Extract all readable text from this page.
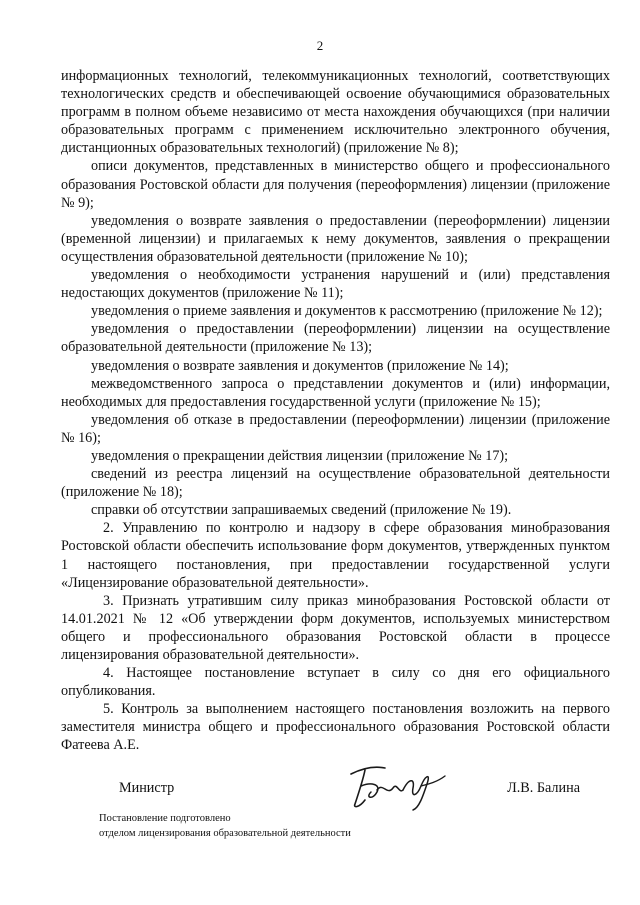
2

информационных технологий, телекоммуникационных технологий, соответствующих технологических средств и обеспечивающей освоение обучающимися образовательных программ в полном объеме независимо от места нахождения обучающихся (при наличии образовательных программ с применением исключительно электронного обучения, дистанционных образовательных технологий) (приложение № 8);

описи документов, представленных в министерство общего и профессионального образования Ростовской области для получения (переоформления) лицензии (приложение № 9);

уведомления о возврате заявления о предоставлении (переоформлении) лицензии (временной лицензии) и прилагаемых к нему документов, заявления о прекращении осуществления образовательной деятельности (приложение № 10);

уведомления о необходимости устранения нарушений и (или) представления недостающих документов (приложение № 11);

уведомления о приеме заявления и документов к рассмотрению (приложение № 12);

уведомления о предоставлении (переоформлении) лицензии на осуществление образовательной деятельности (приложение № 13);

уведомления о возврате заявления и документов (приложение № 14);

межведомственного запроса о представлении документов и (или) информации, необходимых для предоставления государственной услуги (приложение № 15);

уведомления об отказе в предоставлении (переоформлении) лицензии (приложение № 16);

уведомления о прекращении действия лицензии (приложение № 17);

сведений из реестра лицензий на осуществление образовательной деятельности (приложение № 18);

справки об отсутствии запрашиваемых сведений (приложение № 19).

2. Управлению по контролю и надзору в сфере образования минобразования Ростовской области обеспечить использование форм документов, утвержденных пунктом 1 настоящего постановления, при предоставлении государственной услуги «Лицензирование образовательной деятельности».

3. Признать утратившим силу приказ минобразования Ростовской области от 14.01.2021 № 12 «Об утверждении форм документов, используемых министерством общего и профессионального образования Ростовской области в процессе лицензирования образовательной деятельности».

4. Настоящее постановление вступает в силу со дня его официального опубликования.

5. Контроль за выполнением настоящего постановления возложить на первого заместителя министра общего и профессионального образования Ростовской области Фатеева А.Е.

Министр	Л.В. Балина
Постановление подготовлено
отделом лицензирования образовательной деятельности
